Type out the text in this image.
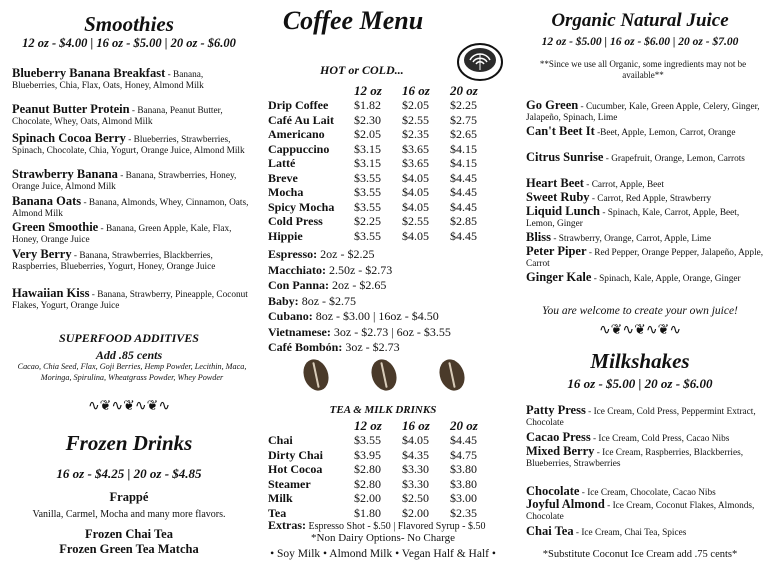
Smoothies
12 oz - $4.00 | 16 oz - $5.00 | 20 oz - $6.00
Blueberry Banana Breakfast - Banana, Blueberries, Chia, Flax, Oats, Honey, Almond Milk
Peanut Butter Protein - Banana, Peanut Butter, Chocolate, Whey, Oats, Almond Milk
Spinach Cocoa Berry - Blueberries, Strawberries, Spinach, Chocolate, Chia, Yogurt, Orange Juice, Almond Milk
Strawberry Banana - Banana, Strawberries, Honey, Orange Juice, Almond Milk
Banana Oats - Banana, Almonds, Whey, Cinnamon, Oats, Almond Milk
Green Smoothie - Banana, Green Apple, Kale, Flax, Honey, Orange Juice
Very Berry - Banana, Strawberries, Blackberries, Raspberries, Blueberries, Yogurt, Honey, Orange Juice
Hawaiian Kiss - Banana, Strawberry, Pineapple, Coconut Flakes, Yogurt, Orange Juice
SUPERFOOD ADDITIVES
Add .85 cents
Cacao, Chia Seed, Flax, Goji Berries, Hemp Powder, Lecithin, Maca, Moringa, Spirulina, Wheatgrass Powder, Whey Powder
∿❦∿❦∿❦∿
Frozen Drinks
16 oz - $4.25 | 20 oz - $4.85
Frappé
Vanilla, Carmel, Mocha and many more flavors.
Frozen Chai Tea
Frozen Green Tea Matcha
Coffee Menu
HOT or COLD...
	12 oz	16 oz	20 oz
Drip Coffee	$1.82	$2.05	$2.25
Café Au Lait	$2.30	$2.55	$2.75
Americano	$2.05	$2.35	$2.65
Cappuccino	$3.15	$3.65	$4.15
Latté	$3.15	$3.65	$4.15
Breve	$3.55	$4.05	$4.45
Mocha	$3.55	$4.05	$4.45
Spicy Mocha	$3.55	$4.05	$4.45
Cold Press	$2.25	$2.55	$2.85
Hippie	$3.55	$4.05	$4.45
Espresso: 2oz - $2.25
Macchiato: 2.50z - $2.73
Con Panna: 2oz - $2.65
Baby: 8oz - $2.75
Cubano: 8oz - $3.00 | 16oz - $4.50
Vietnamese: 3oz - $2.73 | 6oz - $3.55
Café Bombón: 3oz - $2.73
TEA & MILK DRINKS
	12 oz	16 oz	20 oz
Chai	$3.55	$4.05	$4.45
Dirty Chai	$3.95	$4.35	$4.75
Hot Cocoa	$2.80	$3.30	$3.80
Steamer	$2.80	$3.30	$3.80
Milk	$2.00	$2.50	$3.00
Tea	$1.80	$2.00	$2.35
Extras: Espresso Shot - $.50 | Flavored Syrup - $.50
*Non Dairy Options- No Charge
• Soy Milk • Almond Milk • Vegan Half & Half •
Organic Natural Juice
12 oz - $5.00 | 16 oz - $6.00 | 20 oz - $7.00
**Since we use all Organic, some ingredients may not be available**
Go Green - Cucumber, Kale, Green Apple, Celery, Ginger, Jalapeño, Spinach, Lime
Can't Beet It -Beet, Apple, Lemon, Carrot, Orange
Citrus Sunrise - Grapefruit, Orange, Lemon, Carrots
Heart Beet - Carrot, Apple, Beet
Sweet Ruby - Carrot, Red Apple, Strawberry
Liquid Lunch - Spinach, Kale, Carrot, Apple, Beet, Lemon, Ginger
Bliss - Strawberry, Orange, Carrot, Apple, Lime
Peter Piper - Red Pepper, Orange Pepper, Jalapeño, Apple, Carrot
Ginger Kale - Spinach, Kale, Apple, Orange, Ginger
You are welcome to create your own juice!
∿❦∿❦∿❦∿
Milkshakes
16 oz - $5.00 | 20 oz - $6.00
Patty Press - Ice Cream, Cold Press, Peppermint Extract, Chocolate
Cacao Press - Ice Cream, Cold Press, Cacao Nibs
Mixed Berry - Ice Cream, Raspberries, Blackberries, Blueberries, Strawberries
Chocolate - Ice Cream, Chocolate, Cacao Nibs
Joyful Almond - Ice Cream, Coconut Flakes, Almonds, Chocolate
Chai Tea - Ice Cream, Chai Tea, Spices
*Substitute Coconut Ice Cream add .75 cents*
